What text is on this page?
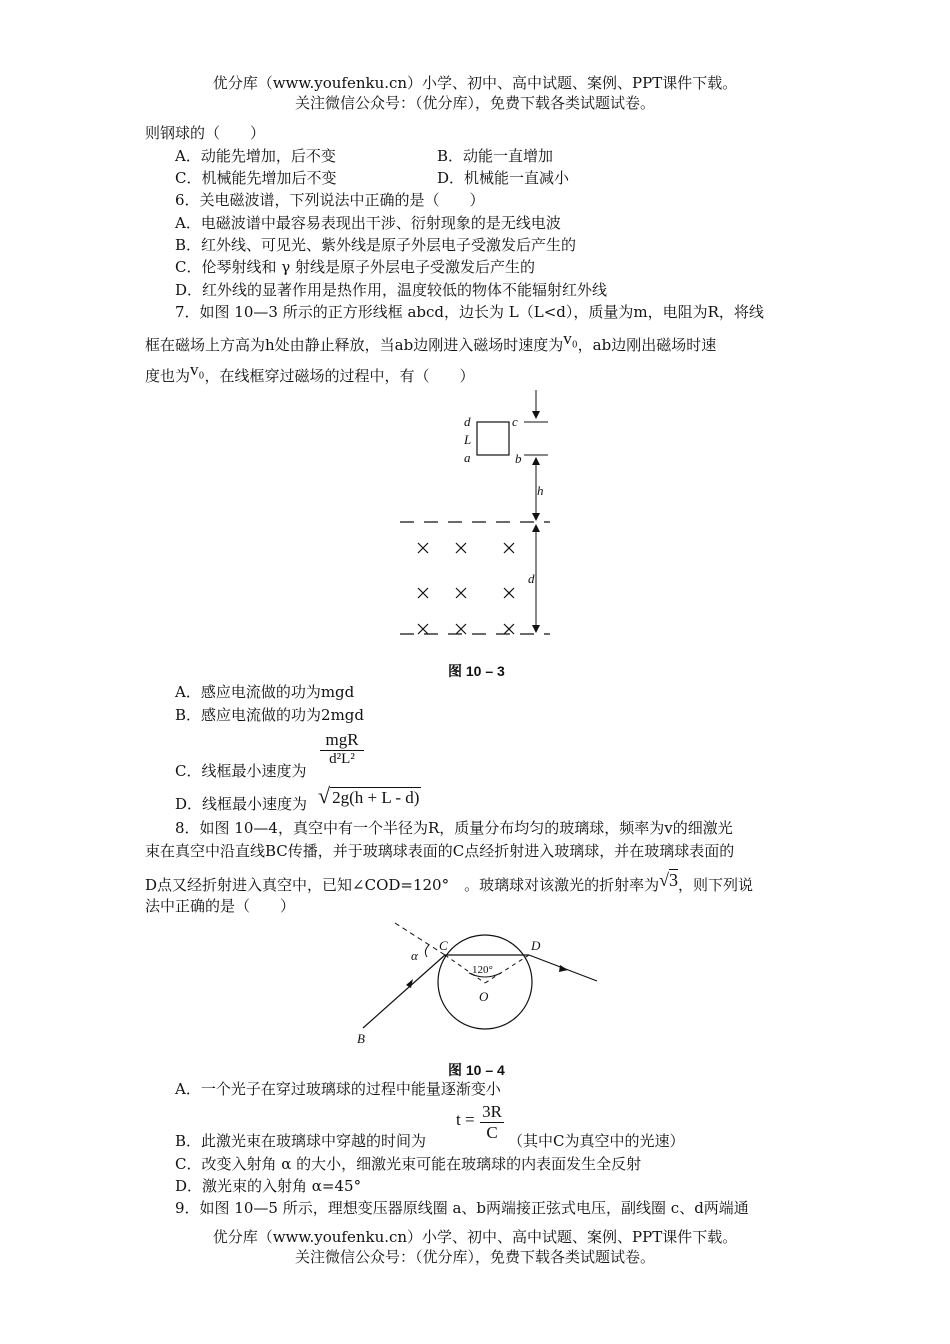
优分库（www.youfenku.cn）小学、初中、高中试题、案例、PPT课件下载。
关注微信公众号：（优分库），免费下载各类试题试卷。
则钢球的（　　）
A．动能先增加，后不变	B．动能一直增加
C．机械能先增加后不变	D．机械能一直减小
6．关电磁波谱，下列说法中正确的是（　　）
A．电磁波谱中最容易表现出干涉、衍射现象的是无线电波
B．红外线、可见光、紫外线是原子外层电子受激发后产生的
C．伦琴射线和 γ 射线是原子外层电子受激发后产生的
D．红外线的显著作用是热作用，温度较低的物体不能辐射红外线
7．如图 10—3 所示的正方形线框 abcd，边长为 L（L<d），质量为m，电阻为R，将线
框在磁场上方高为h处由静止释放，当ab边刚进入磁场时速度为v₀，ab边刚出磁场时速
度也为v₀，在线框穿过磁场的过程中，有（　　）
d	c
L
a	b
h
d
图 10 – 3
A．感应电流做的功为mgd
B．感应电流做的功为2mgd
C．线框最小速度为
mgR
d²L²
D．线框最小速度为 √ 2g(h + L - d)
8．如图 10—4，真空中有一个半径为R，质量分布均匀的玻璃球，频率为v的细激光
束在真空中沿直线BC传播，并于玻璃球表面的C点经折射进入玻璃球，并在玻璃球表面的
D点又经折射进入真空中，已知∠COD=120°　。玻璃球对该激光的折射率为√3，则下列说
法中正确的是（　　）
C	D
α
O
B
120°
图 10 – 4
A．一个光子在穿过玻璃球的过程中能量逐渐变小
$t = \frac{3R}{C}$
B．此激光束在玻璃球中穿越的时间为	（其中C为真空中的光速）
C．改变入射角 α 的大小，细激光束可能在玻璃球的内表面发生全反射
D．激光束的入射角 α=45°
9．如图 10—5 所示，理想变压器原线圈 a、b两端接正弦式电压，副线圈 c、d两端通
优分库（www.youfenku.cn）小学、初中、高中试题、案例、PPT课件下载。
关注微信公众号：（优分库），免费下载各类试题试卷。
